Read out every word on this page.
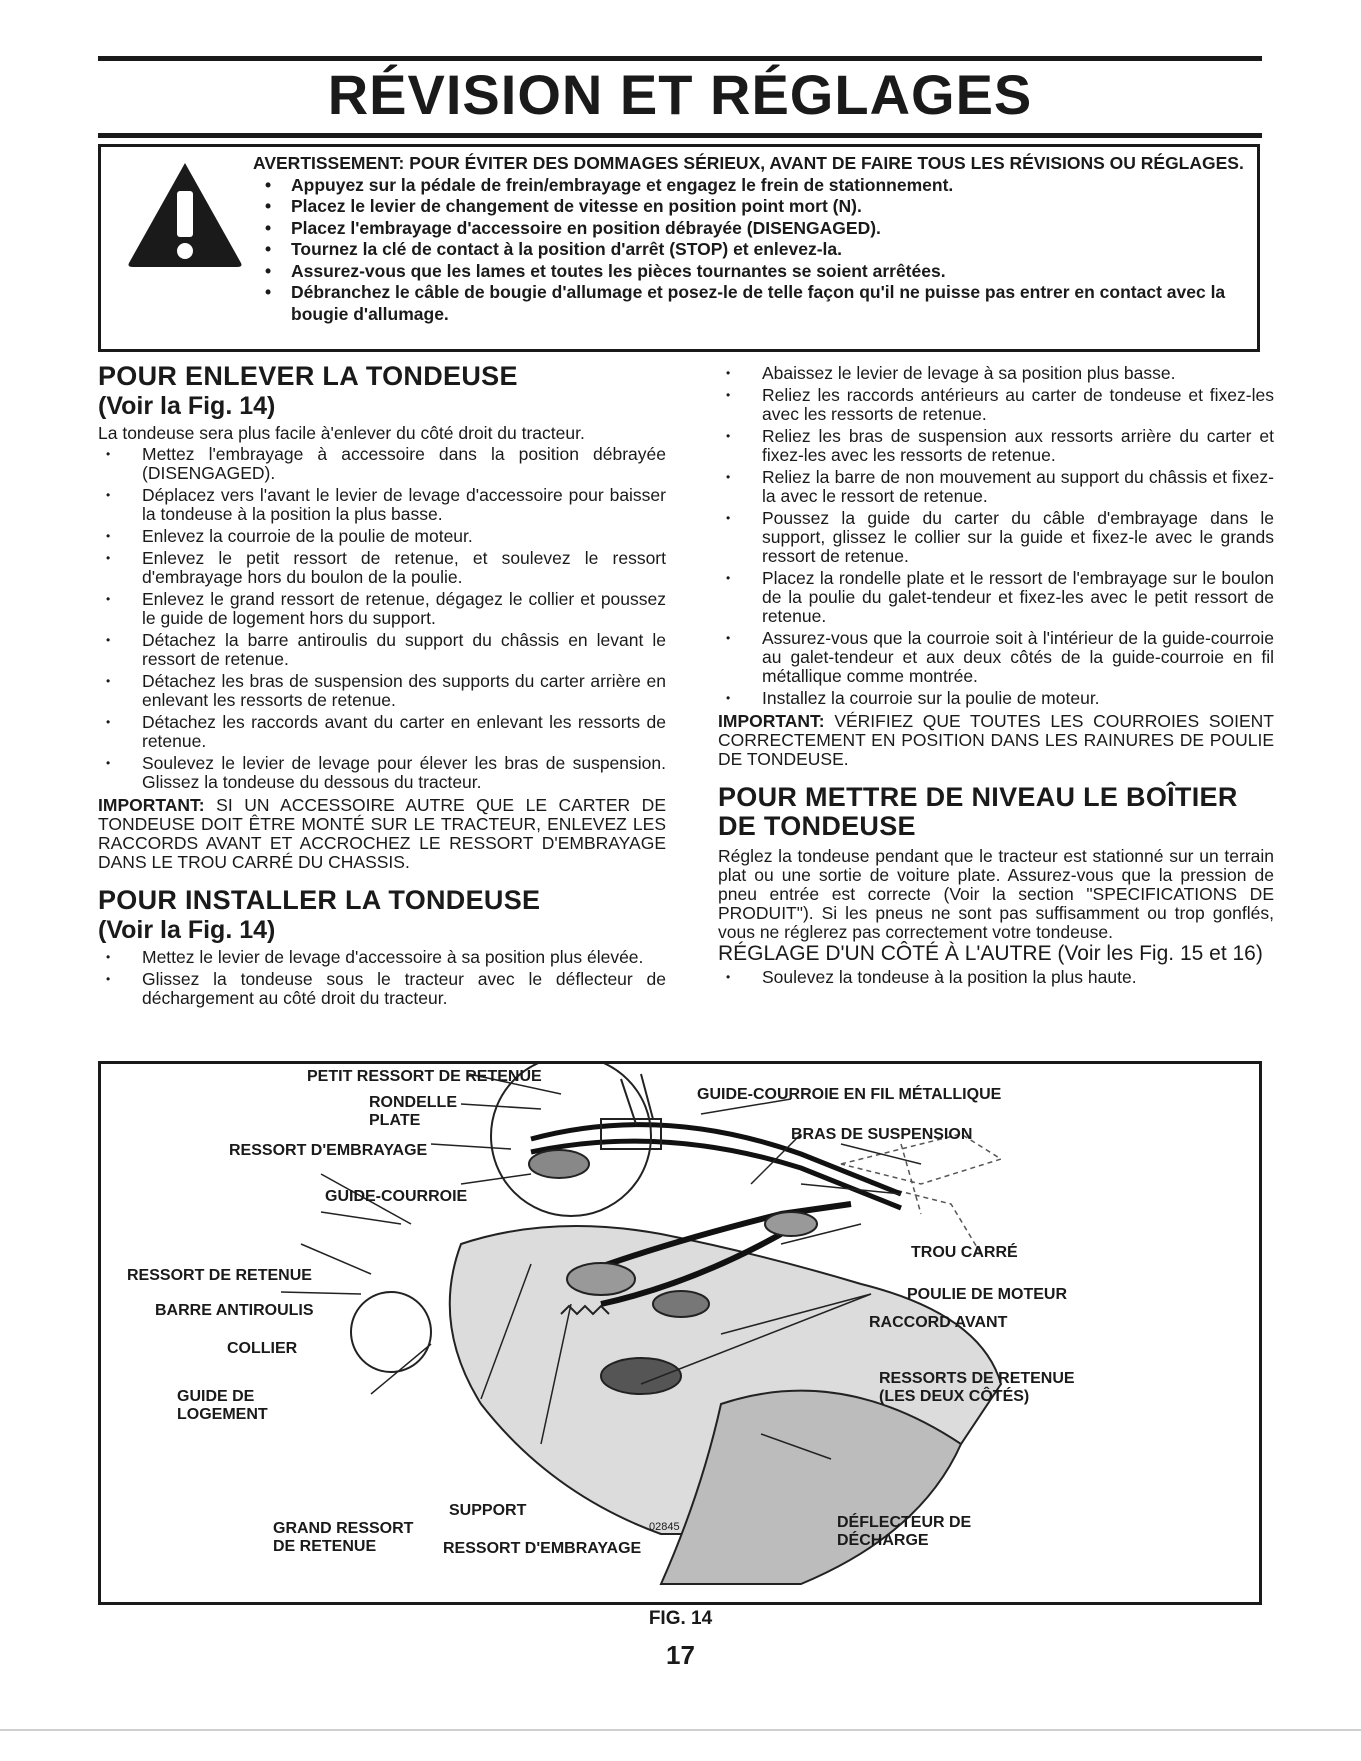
RÉVISION ET RÉGLAGES

AVERTISSEMENT: POUR ÉVITER DES DOMMAGES SÉRIEUX, AVANT DE FAIRE TOUS LES RÉVISIONS OU RÉGLAGES.

• Appuyez sur la pédale de frein/embrayage et engagez le frein de stationnement.
• Placez le levier de changement de vitesse en position point mort (N).
• Placez l'embrayage d'accessoire en position débrayée (DISENGAGED).
• Tournez la clé de contact à la position d'arrêt (STOP) et enlevez-la.
• Assurez-vous que les lames et toutes les pièces tournantes se soient arrêtées.
• Débranchez le câble de bougie d'allumage et posez-le de telle façon qu'il ne puisse pas entrer en contact avec la bougie d'allumage.
POUR ENLEVER LA TONDEUSE
(Voir la Fig. 14)

La tondeuse sera plus facile à'enlever du côté droit du tracteur.

• Mettez l'embrayage à accessoire dans la position débrayée (DISENGAGED).
• Déplacez vers l'avant le levier de levage d'accessoire pour baisser la tondeuse à la position la plus basse.
• Enlevez la courroie de la poulie de moteur.
• Enlevez le petit ressort de retenue, et soulevez le ressort d'embrayage hors du boulon de la poulie.
• Enlevez le grand ressort de retenue, dégagez le collier et poussez le guide de logement hors du support.
• Détachez la barre antiroulis du support du châssis en levant le ressort de retenue.
• Détachez les bras de suspension des supports du carter arrière en enlevant les ressorts de retenue.
• Détachez les raccords avant du carter en enlevant les ressorts de retenue.
• Soulevez le levier de levage pour élever les bras de suspension. Glissez la tondeuse du dessous du tracteur.

IMPORTANT: SI UN ACCESSOIRE AUTRE QUE LE CARTER DE TONDEUSE DOIT ÊTRE MONTÉ SUR LE TRACTEUR, ENLEVEZ LES RACCORDS AVANT ET ACCROCHEZ LE RESSORT D'EMBRAYAGE DANS LE TROU CARRÉ DU CHASSIS.

POUR INSTALLER LA TONDEUSE
(Voir la Fig. 14)
• Mettez le levier de levage d'accessoire à sa position plus élevée.
• Glissez la tondeuse sous le tracteur avec le déflecteur de déchargement au côté droit du tracteur.
• Abaissez le levier de levage à sa position plus basse.
• Reliez les raccords antérieurs au carter de tondeuse et fixez-les avec les ressorts de retenue.
• Reliez les bras de suspension aux ressorts arrière du carter et fixez-les avec les ressorts de retenue.
• Reliez la barre de non mouvement au support du châssis et fixez-la avec le ressort de retenue.
• Poussez la guide du carter du câble d'embrayage dans le support, glissez le collier sur la guide et fixez-le avec le grands ressort de retenue.
• Placez la rondelle plate et le ressort de l'embrayage sur le boulon de la poulie du galet-tendeur et fixez-les avec le petit ressort de retenue.
• Assurez-vous que la courroie soit à l'intérieur de la guide-courroie au galet-tendeur et aux deux côtés de la guide-courroie en fil métallique comme montrée.
• Installez la courroie sur la poulie de moteur.

IMPORTANT: VÉRIFIEZ QUE TOUTES LES COURROIES SOIENT CORRECTEMENT EN POSITION DANS LES RAINURES DE POULIE DE TONDEUSE.

POUR METTRE DE NIVEAU LE BOÎTIER DE TONDEUSE

Réglez la tondeuse pendant que le tracteur est stationné sur un terrain plat ou une sortie de voiture plate. Assurez-vous que la pression de pneu entrée est correcte (Voir la section "SPECIFICATIONS DE PRODUIT"). Si les pneus ne sont pas suffisamment ou trop gonflés, vous ne réglerez pas correctement votre tondeuse.

RÉGLAGE D'UN CÔTÉ À L'AUTRE (Voir les Fig. 15 et 16)

• Soulevez la tondeuse à la position la plus haute.
PETIT RESSORT DE RETENUE
RONDELLE
PLATE
RESSORT D'EMBRAYAGE
GUIDE-COURROIE
RESSORT DE RETENUE
BARRE ANTIROULIS
COLLIER
GUIDE DE
LOGEMENT
GRAND RESSORT
DE RETENUE
SUPPORT
RESSORT D'EMBRAYAGE
GUIDE-COURROIE EN FIL MÉTALLIQUE
BRAS DE SUSPENSION
TROU CARRÉ
POULIE DE MOTEUR
RACCORD AVANT
RESSORTS DE RETENUE
(LES DEUX CÔTÉS)
DÉFLECTEUR DE
DÉCHARGE
02845
FIG. 14
17
